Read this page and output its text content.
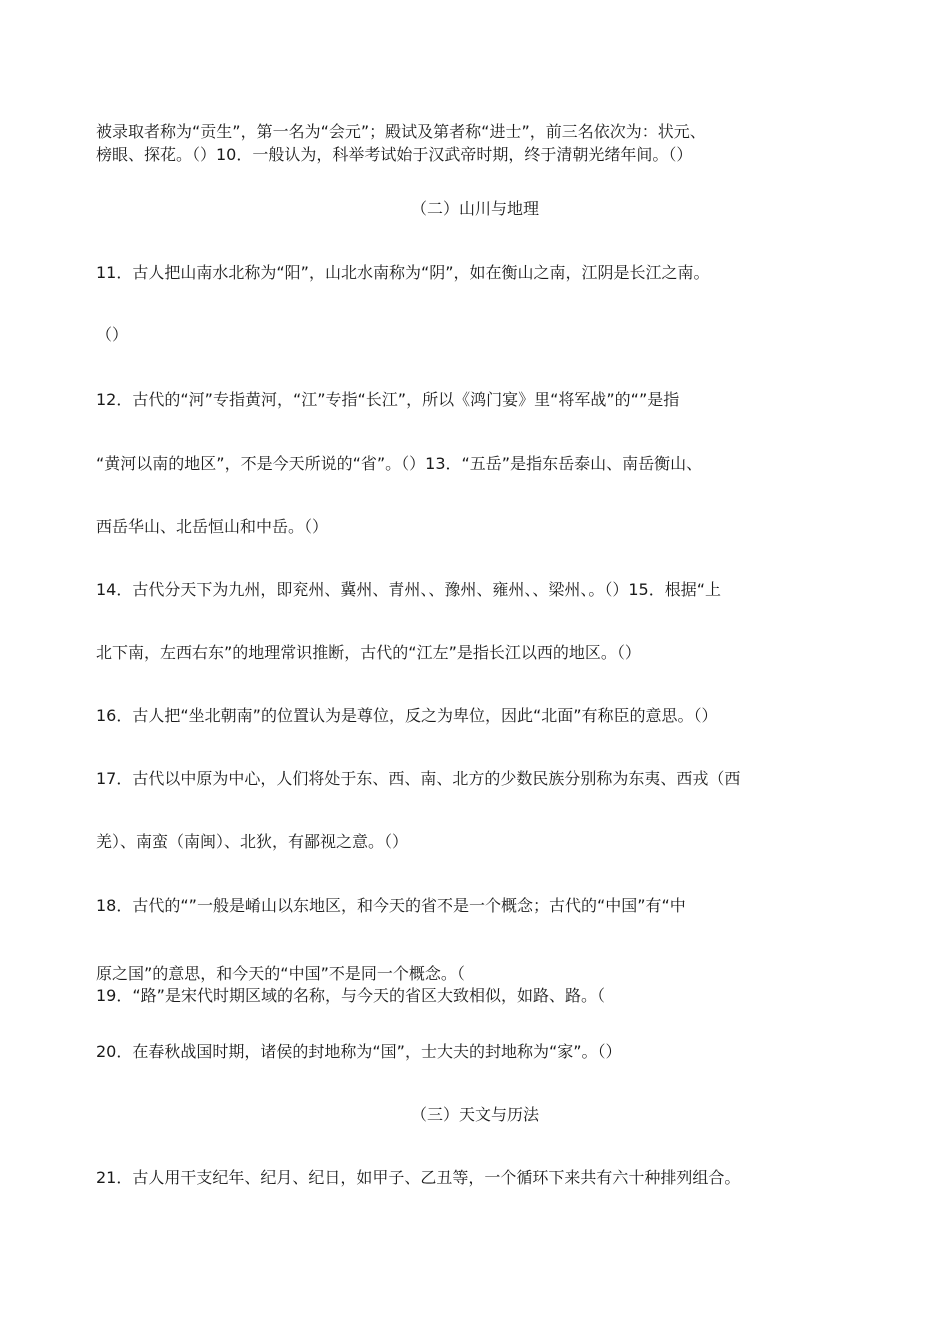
被录取者称为“贡生”，第一名为“会元”；殿试及第者称“进士”，前三名依次为：状元、
榜眼、探花。（）10．一般认为，科举考试始于汉武帝时期，终于清朝光绪年间。（）
（二）山川与地理
11．古人把山南水北称为“阳”，山北水南称为“阴”，如在衡山之南，江阴是长江之南。
（）
12．古代的“河”专指黄河，“江”专指“长江”，所以《鸿门宴》里“将军战”的“”是指
“黄河以南的地区”，不是今天所说的“省”。（）13．“五岳”是指东岳泰山、南岳衡山、
西岳华山、北岳恒山和中岳。（）
14．古代分天下为九州，即兖州、冀州、青州、、豫州、雍州、、梁州、。（）15．根据“上
北下南，左西右东”的地理常识推断，古代的“江左”是指长江以西的地区。（）
16．古人把“坐北朝南”的位置认为是尊位，反之为卑位，因此“北面”有称臣的意思。（）
17．古代以中原为中心，人们将处于东、西、南、北方的少数民族分别称为东夷、西戎（西
羌）、南蛮（南闽）、北狄，有鄙视之意。（）
18．古代的“”一般是崤山以东地区，和今天的省不是一个概念；古代的“中国”有“中
原之国”的意思，和今天的“中国”不是同一个概念。（
19．“路”是宋代时期区域的名称，与今天的省区大致相似，如路、路。（
20．在春秋战国时期，诸侯的封地称为“国”，士大夫的封地称为“家”。（）
（三）天文与历法
21．古人用干支纪年、纪月、纪日，如甲子、乙丑等，一个循环下来共有六十种排列组合。
